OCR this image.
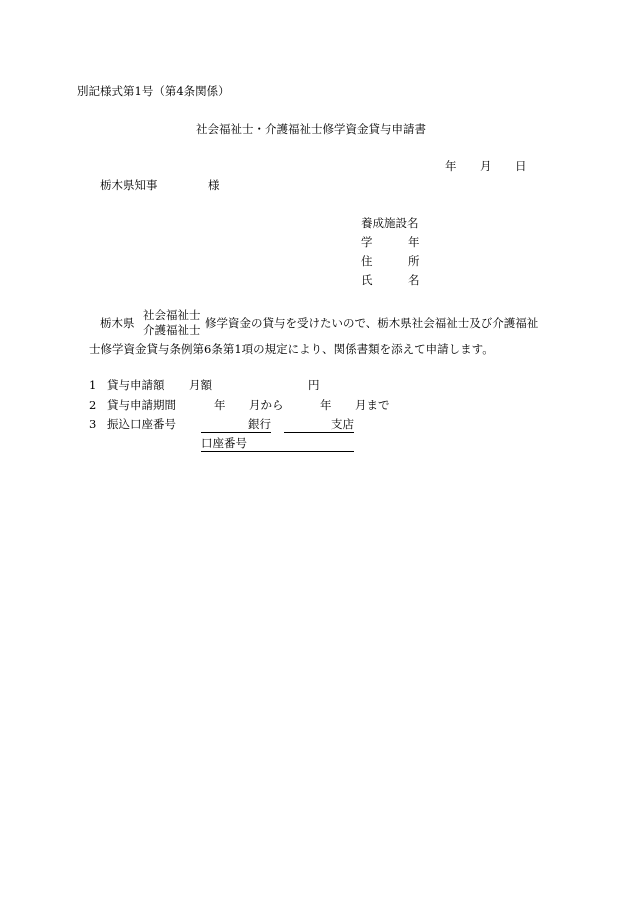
別記様式第1号（第4条関係）
社会福祉士・介護福祉士修学資金貸与申請書
年 月 日
栃木県知事	様
養成施設名
学	年
住	所
氏	名
栃木県
社会福祉士
介護福祉士 修学資金の貸与を受けたいので、栃木県社会福祉士及び介護福祉
士修学資金貸与条例第6条第1項の規定により、関係書類を添えて申請します。
1 貸与申請額 月額	円
2 貸与申請期間	年 月から	年 月まで
3 振込口座番号	銀行	支店
口座番号
